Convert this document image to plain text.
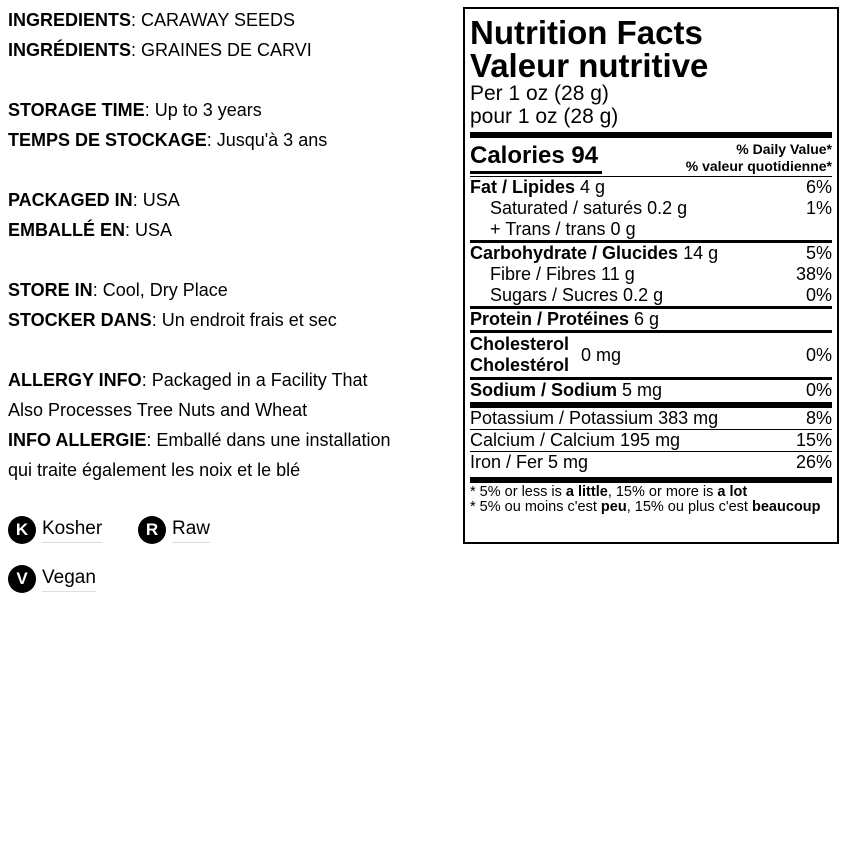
INGREDIENTS: CARAWAY SEEDS

INGRÉDIENTS: GRAINES DE CARVI

STORAGE TIME: Up to 3 years

TEMPS DE STOCKAGE: Jusqu'à 3 ans

PACKAGED IN: USA

EMBALLÉ EN: USA

STORE IN: Cool, Dry Place

STOCKER DANS: Un endroit frais et sec

ALLERGY INFO: Packaged in a Facility That

Also Processes Tree Nuts and Wheat

INFO ALLERGIE: Emballé dans une installation

qui traite également les noix et le blé

K Kosher	R Raw
V Vegan
Nutrition Facts
Valeur nutritive
Per 1 oz (28 g)
pour 1 oz (28 g)
Calories 94	% Daily Value*
% valeur quotidienne*
Fat / Lipides 4 g	6%
Saturated / saturés 0.2 g	1%
+ Trans / trans 0 g
Carbohydrate / Glucides 14 g	5%
Fibre / Fibres 11 g	38%
Sugars / Sucres 0.2 g	0%
Protein / Protéines 6 g
Cholesterol
Cholestérol
0 mg	0%
Sodium / Sodium 5 mg	0%
Potassium / Potassium 383 mg	8%
Calcium / Calcium 195 mg	15%
Iron / Fer 5 mg	26%
* 5% or less is a little, 15% or more is a lot
* 5% ou moins c'est peu, 15% ou plus c'est beaucoup
